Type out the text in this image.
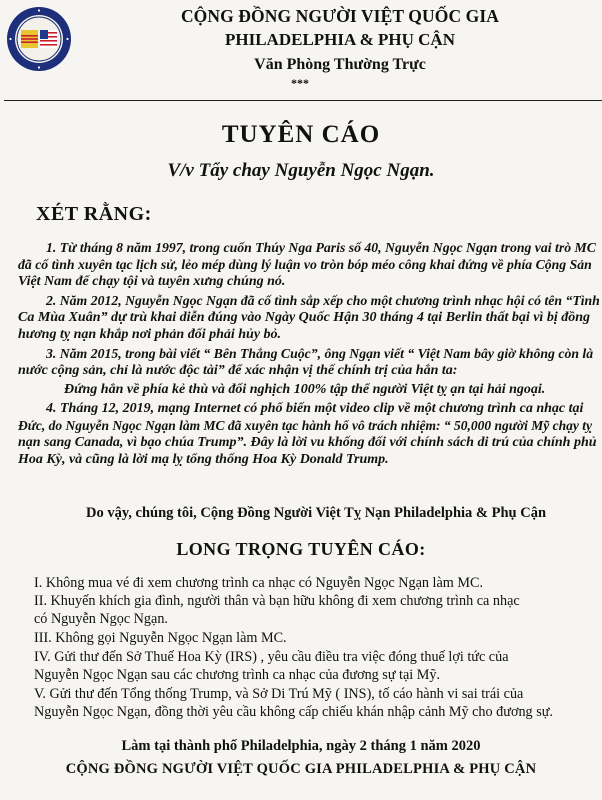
CỘNG ĐỒNG NGƯỜI VIỆT QUỐC GIA
PHILADELPHIA & PHỤ CẬN
Văn Phòng Thường Trực
***
TUYÊN CÁO
V/v Tẩy chay Nguyễn Ngọc Ngạn.
XÉT RẰNG:
1. Từ tháng 8 năm 1997, trong cuốn Thúy Nga Paris số 40, Nguyễn Ngọc Ngạn trong vai trò MC
đã cố tình xuyên tạc lịch sử, lẻo mép dùng lý luận vo tròn bóp méo công khai đứng về phía Cộng Sản
Việt Nam để chạy tội và tuyên xưng chúng nó.
2. Năm 2012, Nguyễn Ngọc Ngạn đã cố tình sắp xếp cho một chương trình nhạc hội có tên “Tình
Ca Mùa Xuân” dự trù khai diễn đúng vào Ngày Quốc Hận 30 tháng 4 tại Berlin thất bại vì bị đồng
hương tỵ nạn khắp nơi phản đối phải hủy bỏ.
3. Năm 2015, trong bài viết “ Bên Thắng Cuộc”, ông Ngạn viết “ Việt Nam bây giờ không còn là
nước cộng sản, chỉ là nước độc tài” để xác nhận vị thế chính trị của hắn ta:
Đứng hẳn về phía kẻ thù và đối nghịch 100% tập thể người Việt tỵ ạn tại hải ngoại.
4. Tháng 12, 2019, mạng Internet có phổ biến một video clip về một chương trình ca nhạc tại
Đức, do Nguyễn Ngọc Ngạn làm MC đã xuyên tạc hành hổ vô trách nhiệm: “ 50,000 người Mỹ chạy tỵ
nạn sang Canada, vì bạo chúa Trump”. Đây là lời vu khống đối với chính sách di trú của chính phủ
Hoa Kỳ, và cũng là lời mạ lỵ tổng thống Hoa Kỳ Donald Trump.
Do vậy, chúng tôi, Cộng Đồng Người Việt Tỵ Nạn Philadelphia & Phụ Cận
LONG TRỌNG TUYÊN CÁO:
I. Không mua vé đi xem chương trình ca nhạc có Nguyễn Ngọc Ngạn làm MC.
II. Khuyến khích gia đình, người thân và bạn hữu không đi xem chương trình ca nhạc
có Nguyễn Ngọc Ngạn.
III. Không gọi Nguyễn Ngọc Ngạn làm MC.
IV. Gửi thư đến Sở Thuế Hoa Kỳ (IRS) , yêu cầu điều tra việc đóng thuế lợi tức của
Nguyễn Ngọc Ngạn sau các chương trình ca nhạc của đương sự tại Mỹ.
V. Gửi thư đến Tổng thống Trump, và Sở Di Trú Mỹ ( INS), tố cáo hành vi sai trái của
Nguyễn Ngọc Ngạn, đồng thời yêu cầu không cấp chiếu khán nhập cảnh Mỹ cho đương sự.
Làm tại thành phố Philadelphia, ngày 2 tháng 1 năm 2020
CỘNG ĐỒNG NGƯỜI VIỆT QUỐC GIA PHILADELPHIA & PHỤ CẬN
